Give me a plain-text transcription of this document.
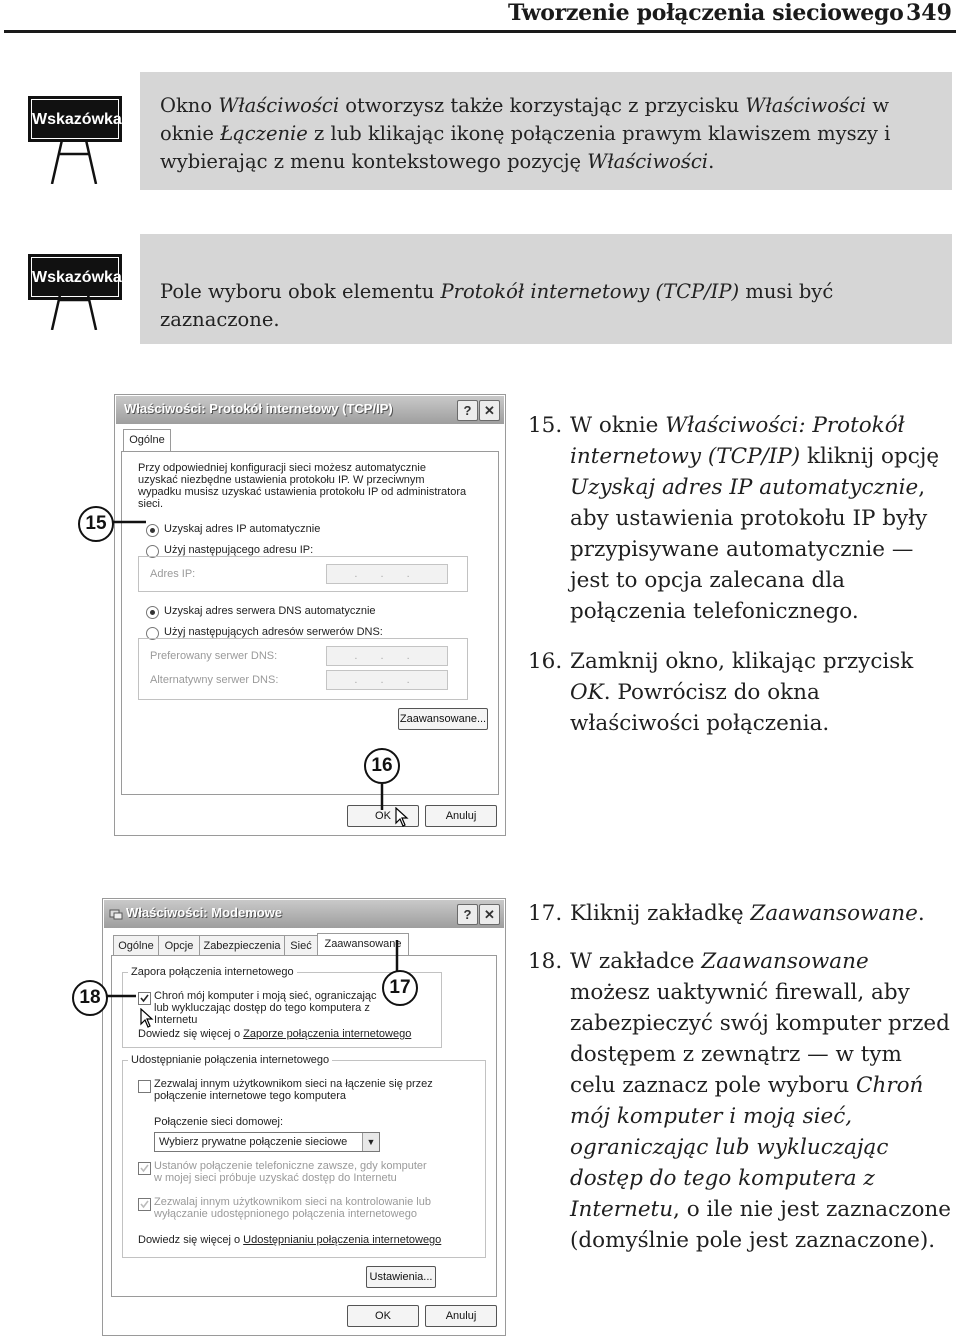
Tworzenie połączenia sieciowego 349
Wskazówka
Okno Właściwości otworzysz także korzystając z przycisku Właściwości w oknie Łączenie z lub klikając ikonę połączenia prawym klawiszem myszy i wybierając z menu kontekstowego pozycję Właściwości.
Wskazówka
Pole wyboru obok elementu Protokół internetowy (TCP/IP) musi być zaznaczone.
Właściwości: Protokół internetowy (TCP/IP)	? ✕
Ogólne
Przy odpowiedniej konfiguracji sieci możesz automatycznie uzyskać niezbędne ustawienia protokołu IP. W przeciwnym wypadku musisz uzyskać ustawienia protokołu IP od administratora sieci.
Uzyskaj adres IP automatycznie
Użyj następującego adresu IP:
Adres IP:	. . .
Uzyskaj adres serwera DNS automatycznie
Użyj następujących adresów serwerów DNS:
Preferowany serwer DNS:	. . .
Alternatywny serwer DNS:	. . .
Zaawansowane...
OK	Anuluj
15
16
15. W oknie Właściwości: Protokół internetowy (TCP/IP) kliknij opcję Uzyskaj adres IP automatycznie, aby ustawienia protokołu IP były przypisywane automatycznie — jest to opcja zalecana dla połączenia telefonicznego.
16. Zamknij okno, klikając przycisk OK. Powrócisz do okna właściwości połączenia.
Właściwości: Modemowe	? ✕
Ogólne Opcje Zabezpieczenia Sieć	Zaawansowane
Zapora połączenia internetowego
Chroń mój komputer i moją sieć, ograniczając lub wykluczając dostęp do tego komputera z Internetu
Dowiedz się więcej o Zaporze połączenia internetowego
Udostępnianie połączenia internetowego
Zezwalaj innym użytkownikom sieci na łączenie się przez połączenie internetowe tego komputera
Połączenie sieci domowej:
Wybierz prywatne połączenie sieciowe	▼
Ustanów połączenie telefoniczne zawsze, gdy komputer w mojej sieci próbuje uzyskać dostęp do Internetu
Zezwalaj innym użytkownikom sieci na kontrolowanie lub wyłączanie udostępnionego połączenia internetowego
Dowiedz się więcej o Udostępnianiu połączenia internetowego
Ustawienia...
OK	Anuluj
17
18
17. Kliknij zakładkę Zaawansowane.
18. W zakładce Zaawansowane możesz uaktywnić firewall, aby zabezpieczyć swój komputer przed dostępem z zewnątrz — w tym celu zaznacz pole wyboru Chroń mój komputer i moją sieć, ograniczając lub wykluczając dostęp do tego komputera z Internetu, o ile nie jest zaznaczone (domyślnie pole jest zaznaczone).
